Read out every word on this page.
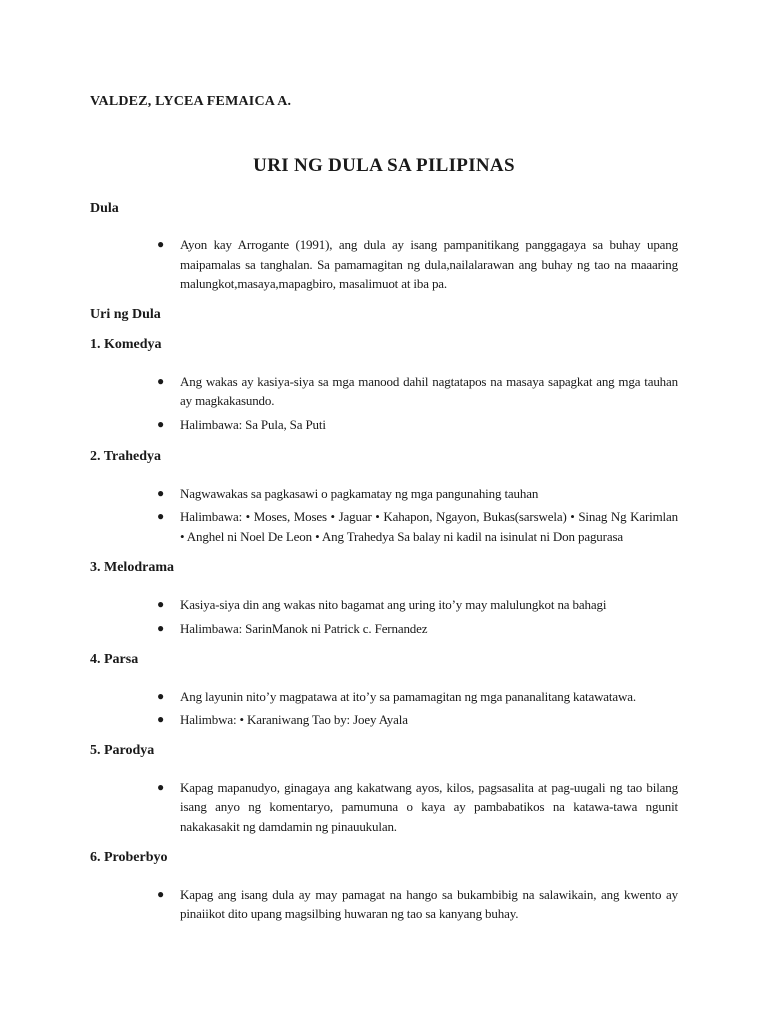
VALDEZ, LYCEA FEMAICA A.
URI NG DULA SA PILIPINAS
Dula
● Ayon kay Arrogante (1991), ang dula ay isang pampanitikang panggagaya sa buhay upang maipamalas sa tanghalan. Sa pamamagitan ng dula,nailalarawan ang buhay ng tao na maaaring malungkot,masaya,mapagbiro, masalimuot at iba pa.
Uri ng Dula
1. Komedya
● Ang wakas ay kasiya-siya sa mga manood dahil nagtatapos na masaya sapagkat ang mga tauhan ay magkakasundo.
● Halimbawa: Sa Pula, Sa Puti
2. Trahedya
● Nagwawakas sa pagkasawi o pagkamatay ng mga pangunahing tauhan
● Halimbawa: • Moses, Moses • Jaguar • Kahapon, Ngayon, Bukas(sarswela) • Sinag Ng Karimlan • Anghel ni Noel De Leon • Ang Trahedya Sa balay ni kadil na isinulat ni Don pagurasa
3. Melodrama
● Kasiya-siya din ang wakas nito bagamat ang uring ito’y may malulungkot na bahagi
● Halimbawa: SarinManok ni Patrick c. Fernandez
4. Parsa
● Ang layunin nito’y magpatawa at ito’y sa pamamagitan ng mga pananalitang katawatawa.
● Halimbwa: • Karaniwang Tao by: Joey Ayala
5. Parodya
● Kapag mapanudyo, ginagaya ang kakatwang ayos, kilos, pagsasalita at pag-uugali ng tao bilang isang anyo ng komentaryo, pamumuna o kaya ay pambabatikos na katawa-tawa ngunit nakakasakit ng damdamin ng pinauukulan.
6. Proberbyo
● Kapag ang isang dula ay may pamagat na hango sa bukambibig na salawikain, ang kwento ay pinaiikot dito upang magsilbing huwaran ng tao sa kanyang buhay.
